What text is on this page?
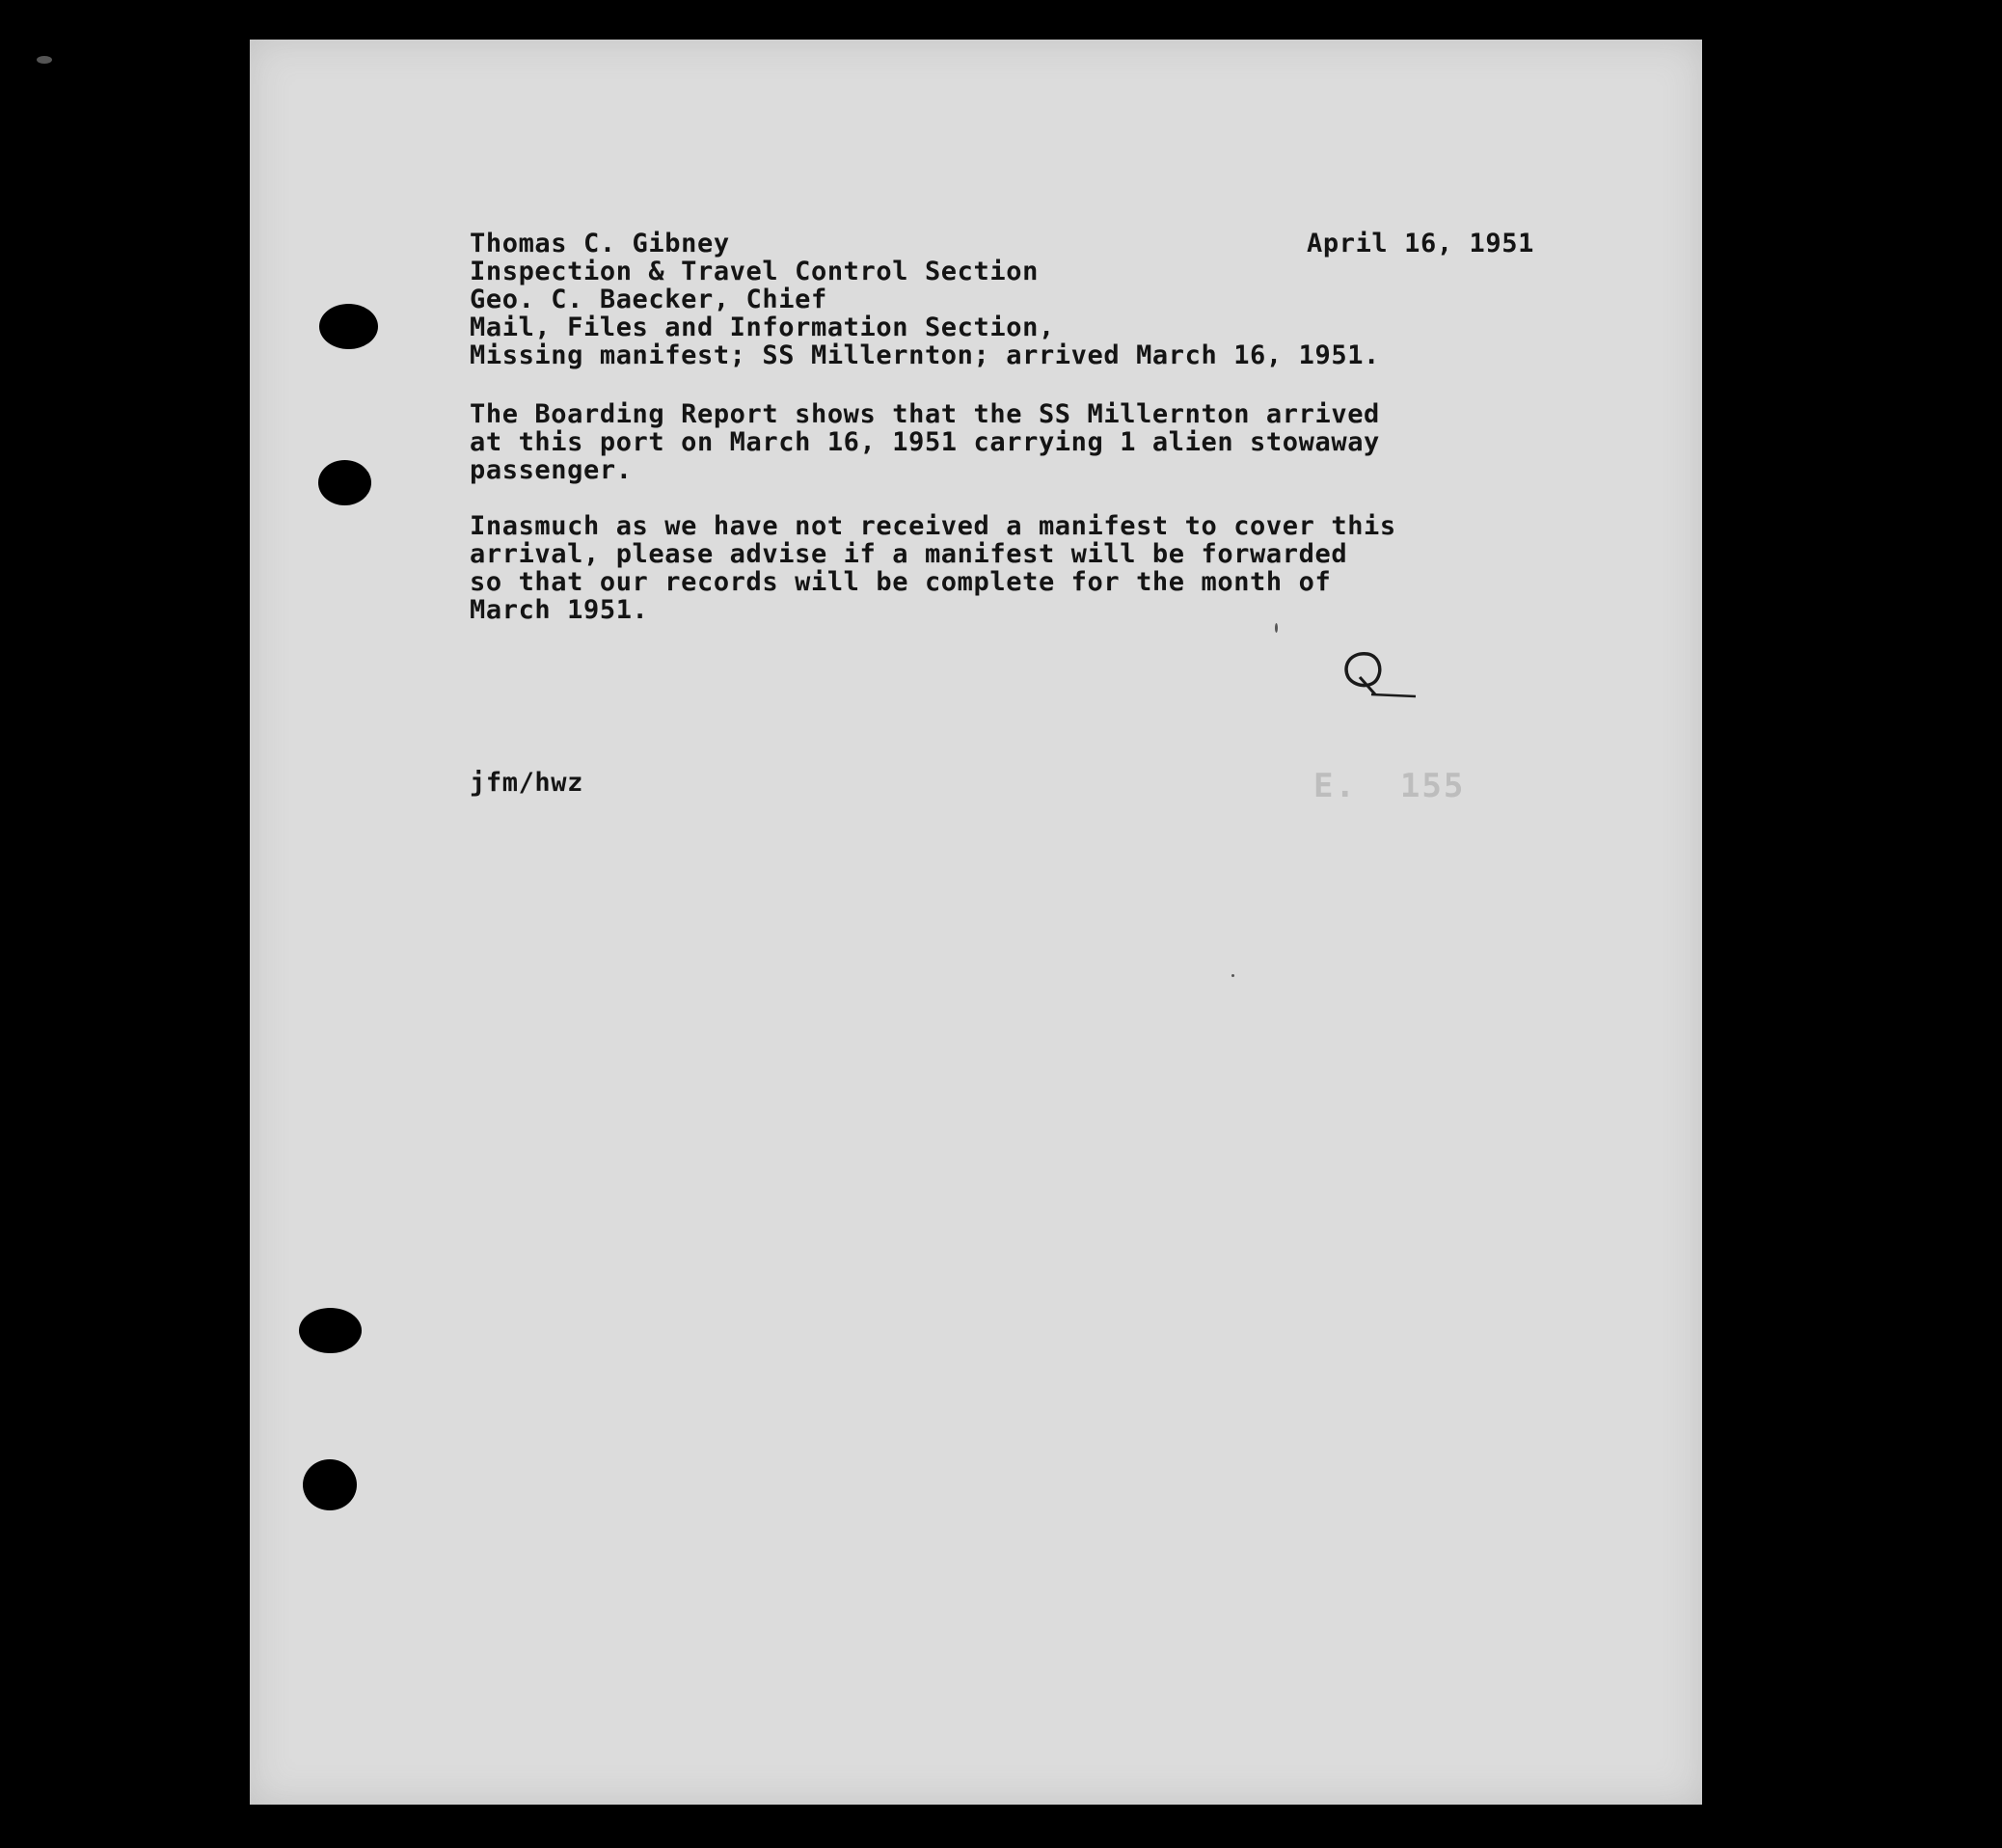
Thomas C. Gibney
Inspection & Travel Control Section
Geo. C. Baecker, Chief
Mail, Files and Information Section,
Missing manifest; SS Millernton; arrived March 16, 1951.
April 16, 1951
The Boarding Report shows that the SS Millernton arrived
at this port on March 16, 1951 carrying 1 alien stowaway
passenger.
Inasmuch as we have not received a manifest to cover this
arrival, please advise if a manifest will be forwarded
so that our records will be complete for the month of
March 1951.
jfm/hwz	E.  155
